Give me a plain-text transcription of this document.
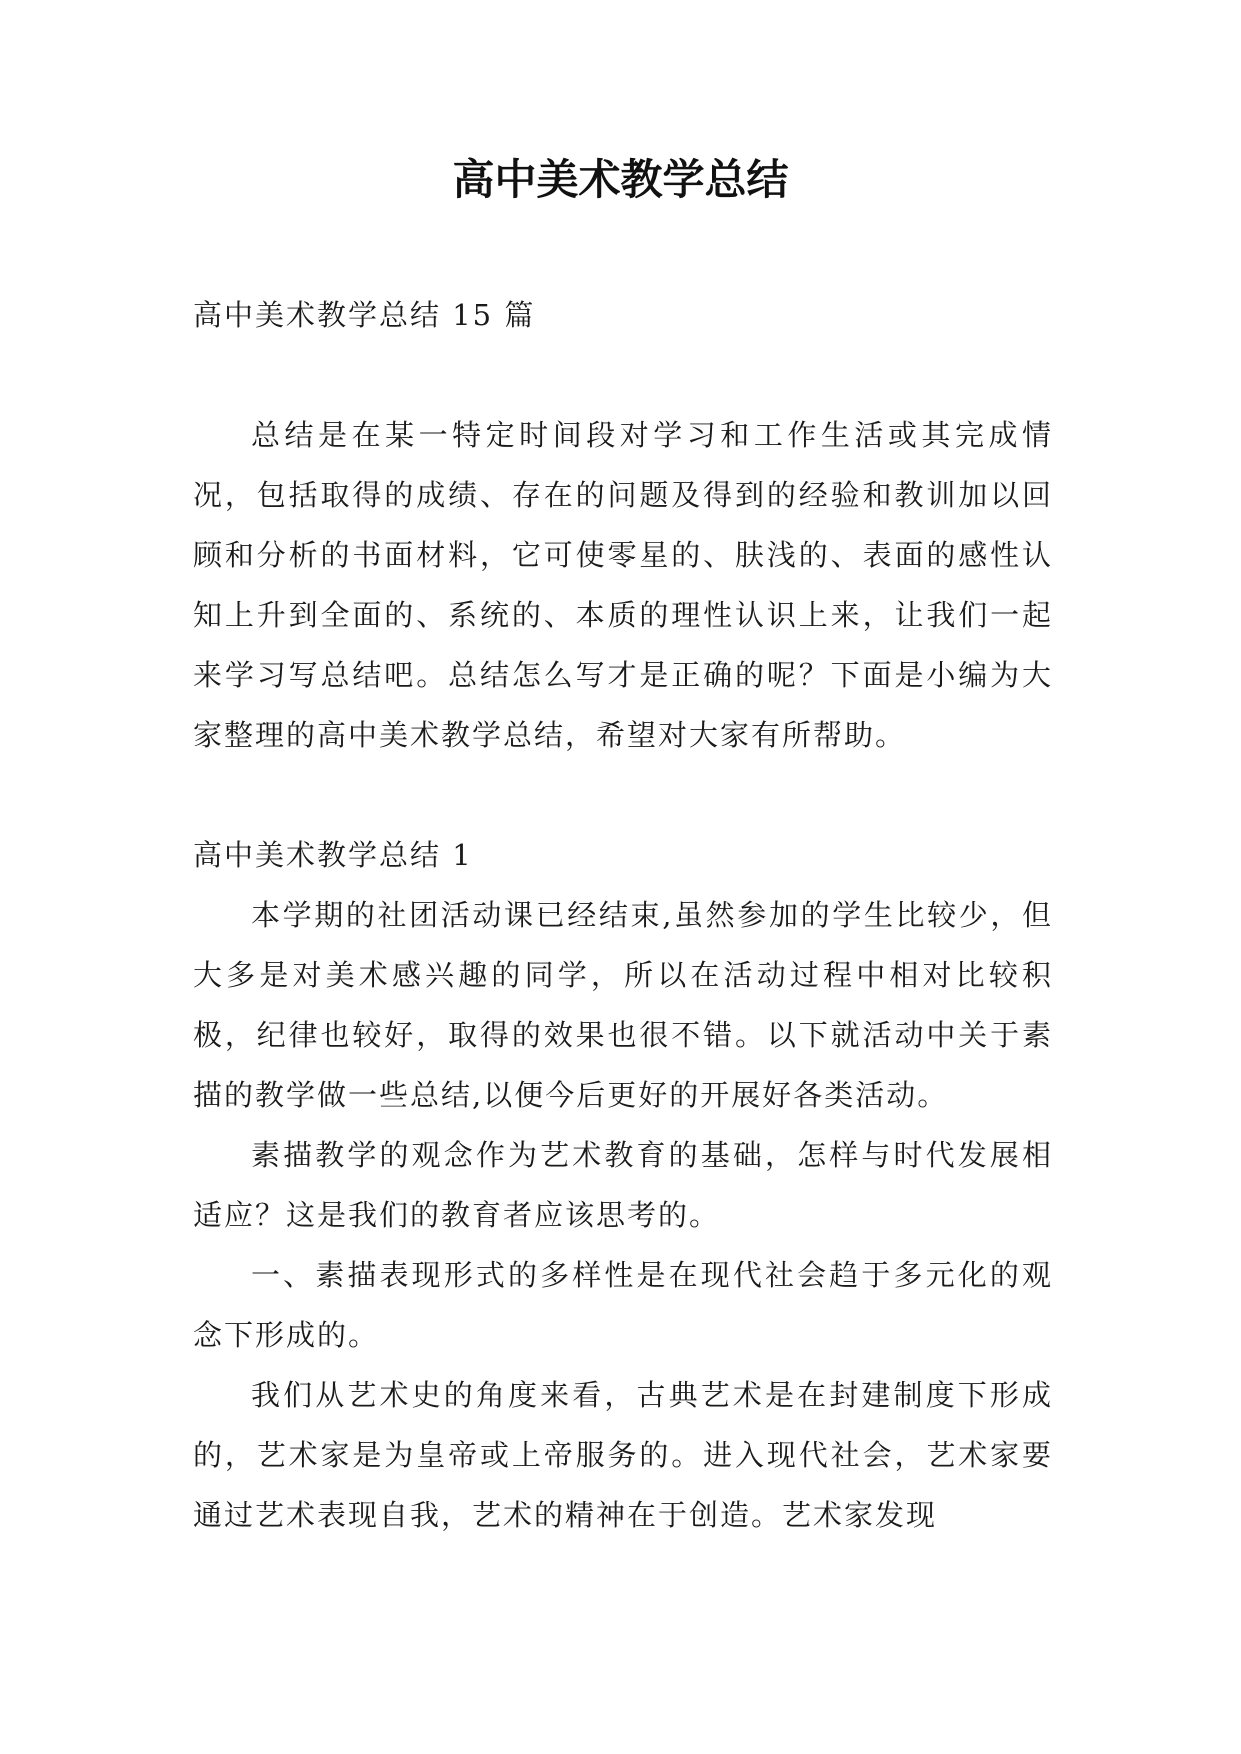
高中美术教学总结

高中美术教学总结 15 篇

总结是在某一特定时间段对学习和工作生活或其完成情况，包括取得的成绩、存在的问题及得到的经验和教训加以回顾和分析的书面材料，它可使零星的、肤浅的、表面的感性认知上升到全面的、系统的、本质的理性认识上来，让我们一起来学习写总结吧。总结怎么写才是正确的呢？下面是小编为大家整理的高中美术教学总结，希望对大家有所帮助。

高中美术教学总结 1

本学期的社团活动课已经结束,虽然参加的学生比较少，但大多是对美术感兴趣的同学，所以在活动过程中相对比较积极，纪律也较好，取得的效果也很不错。以下就活动中关于素描的教学做一些总结,以便今后更好的开展好各类活动。

素描教学的观念作为艺术教育的基础，怎样与时代发展相适应？这是我们的教育者应该思考的。

一、素描表现形式的多样性是在现代社会趋于多元化的观念下形成的。

我们从艺术史的角度来看，古典艺术是在封建制度下形成的，艺术家是为皇帝或上帝服务的。进入现代社会，艺术家要通过艺术表现自我，艺术的精神在于创造。艺术家发现
